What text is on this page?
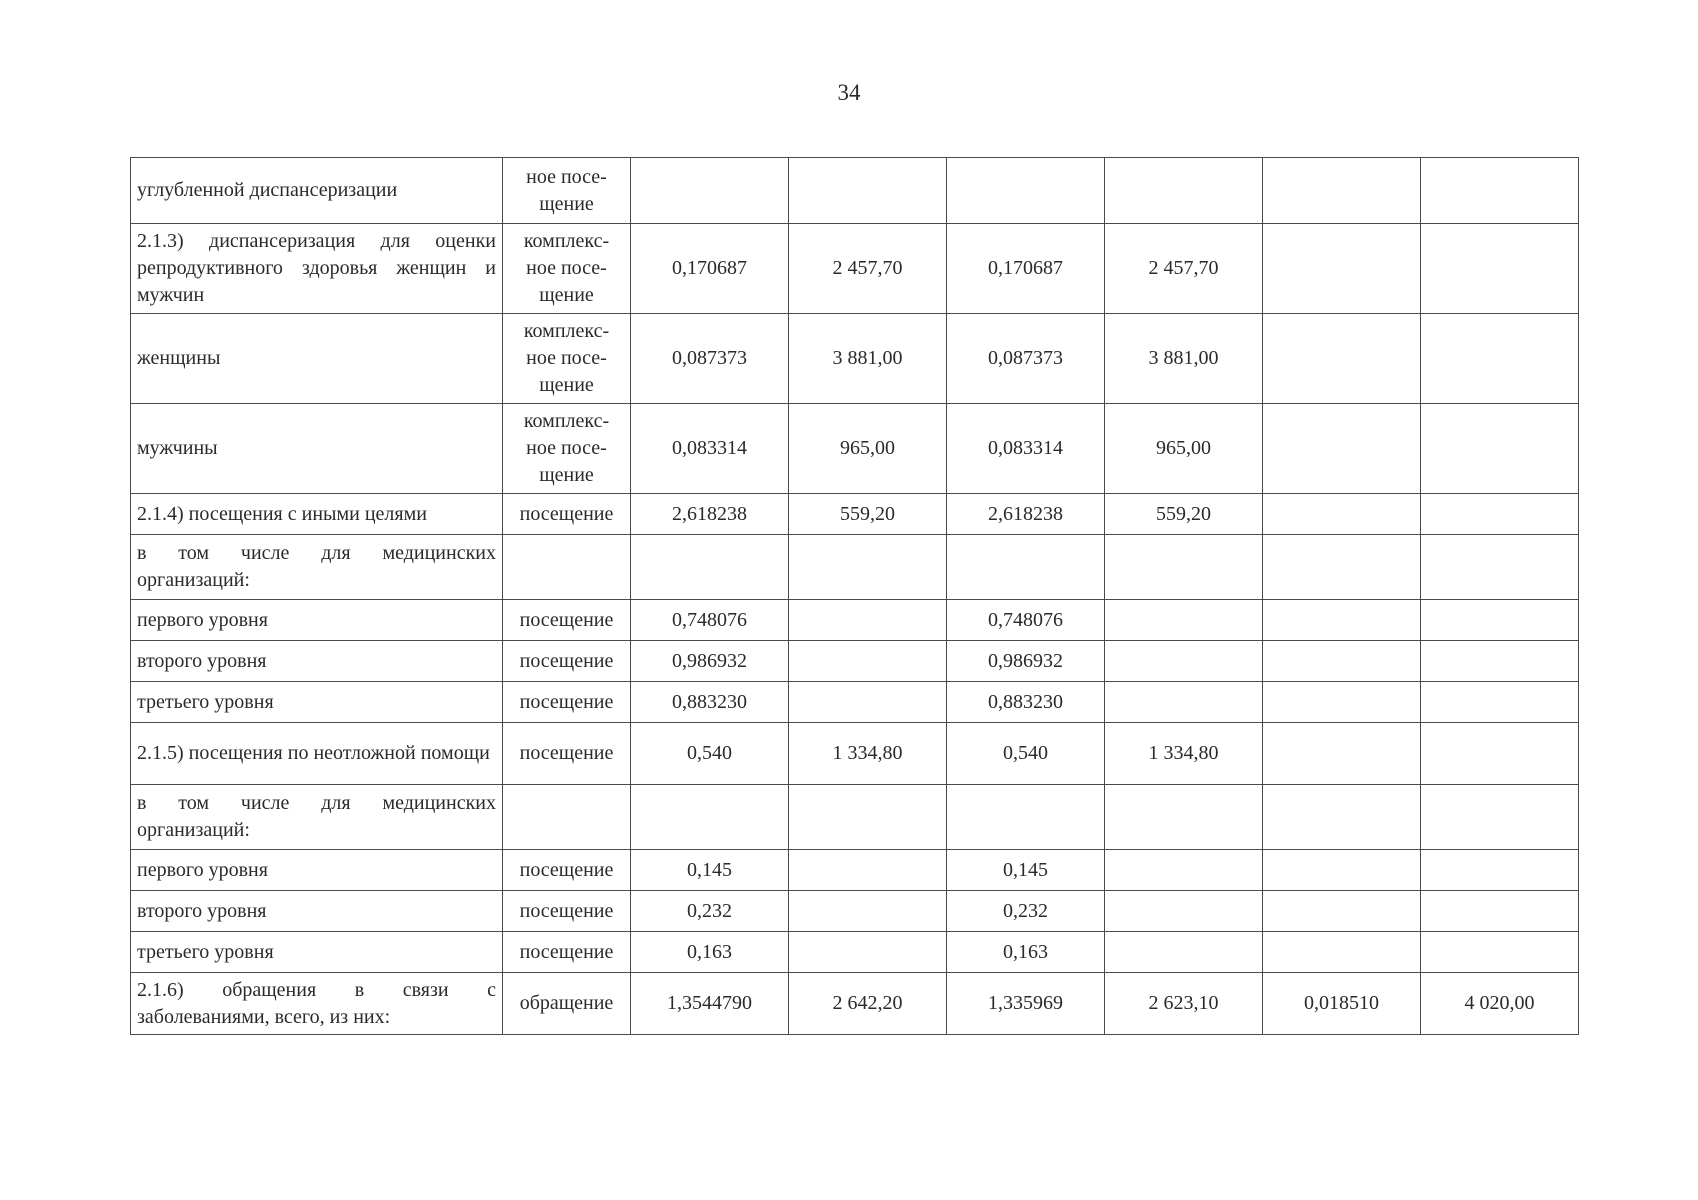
34
углубленной диспансеризации	ное посе-
щение						
2.1.3) диспансеризация для оценки репродуктивного здоровья женщин и мужчин	комплекс-
ное посе-
щение	0,170687	2 457,70	0,170687	2 457,70		
женщины	комплекс-
ное посе-
щение	0,087373	3 881,00	0,087373	3 881,00		
мужчины	комплекс-
ное посе-
щение	0,083314	965,00	0,083314	965,00		
2.1.4) посещения с иными целями	посещение	2,618238	559,20	2,618238	559,20		
в том числе для медицинских организаций:							
первого уровня	посещение	0,748076		0,748076			
второго уровня	посещение	0,986932		0,986932			
третьего уровня	посещение	0,883230		0,883230			
2.1.5) посещения по неотложной помощи	посещение	0,540	1 334,80	0,540	1 334,80		
в том числе для медицинских организаций:							
первого уровня	посещение	0,145		0,145			
второго уровня	посещение	0,232		0,232			
третьего уровня	посещение	0,163		0,163			
2.1.6) обращения в связи с заболеваниями, всего, из них:	обращение	1,3544790	2 642,20	1,335969	2 623,10	0,018510	4 020,00
